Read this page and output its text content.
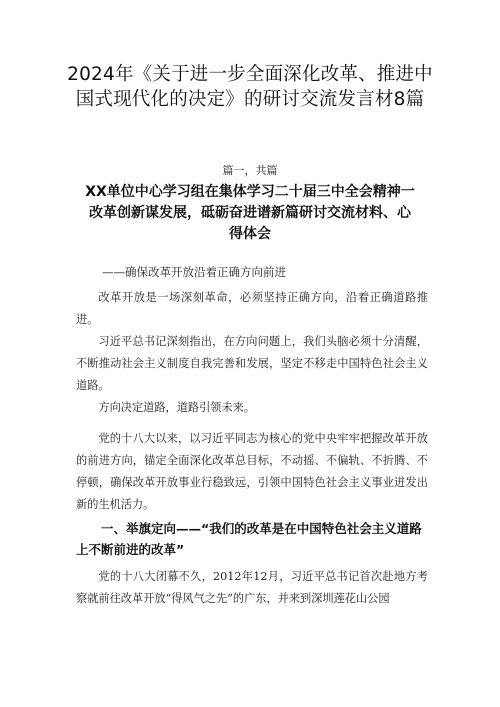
2024年《关于进一步全面深化改革、推进中国式现代化的决定》的研讨交流发言材8篇
篇一，共篇
XX单位中心学习组在集体学习二十届三中全会精神一改革创新谋发展，砥砺奋进谱新篇研讨交流材料、心得体会
——确保改革开放沿着正确方向前进

改革开放是一场深刻革命，必须坚持正确方向，沿着正确道路推进。

习近平总书记深刻指出，在方向问题上，我们头脑必须十分清醒，不断推动社会主义制度自我完善和发展，坚定不移走中国特色社会主义道路。

方向决定道路，道路引领未来。

党的十八大以来，以习近平同志为核心的党中央牢牢把握改革开放的前进方向，锚定全面深化改革总目标，不动摇、不偏轨、不折腾、不停顿，确保改革开放事业行稳致远，引领中国特色社会主义事业迸发出新的生机活力。

一、举旗定向——“我们的改革是在中国特色社会主义道路上不断前进的改革”

党的十八大闭幕不久，2012年12月，习近平总书记首次赴地方考察就前往改革开放“得风气之先”的广东，并来到深圳莲花山公园
